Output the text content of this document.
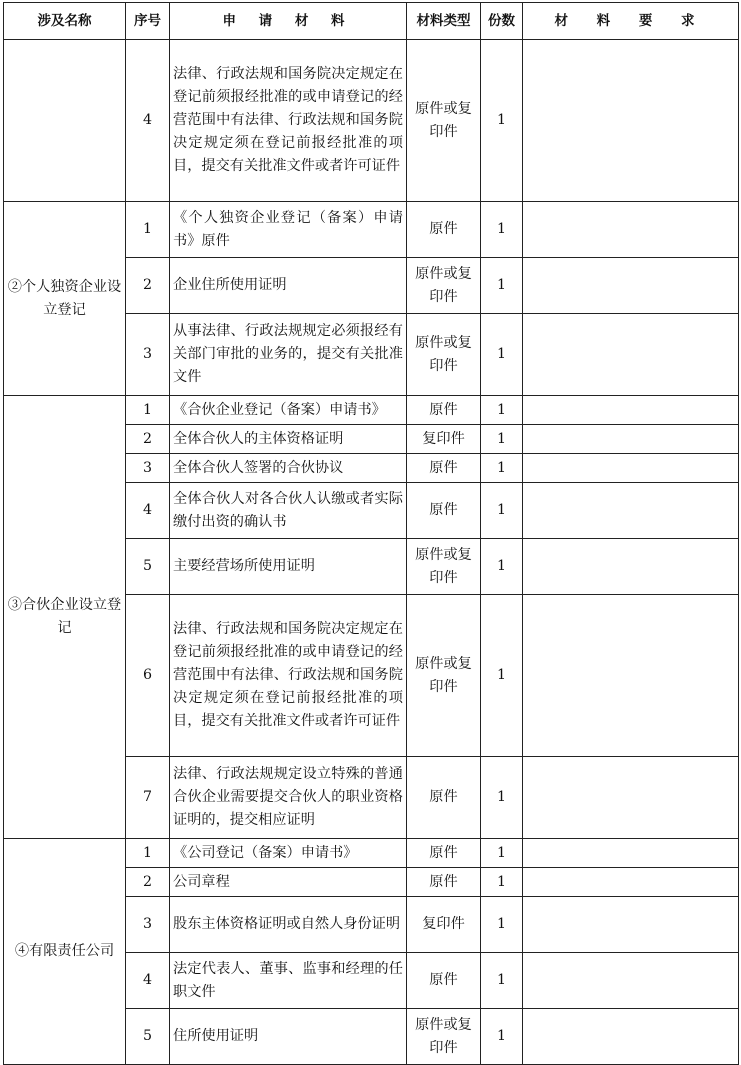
涉及名称	序号	申 请 材 料	材料类型	份数	材 料 要 求
	4	法律、行政法规和国务院决定规定在登记前须报经批准的或申请登记的经营范围中有法律、行政法规和国务院决定规定须在登记前报经批准的项目，提交有关批准文件或者许可证件	原件或复印件	1	
②个人独资企业设立登记	1	《个人独资企业登记（备案）申请书》原件	原件	1	
	2	企业住所使用证明	原件或复印件	1	
	3	从事法律、行政法规规定必须报经有关部门审批的业务的，提交有关批准文件	原件或复印件	1	
③合伙企业设立登记	1	《合伙企业登记（备案）申请书》	原件	1	
	2	全体合伙人的主体资格证明	复印件	1	
	3	全体合伙人签署的合伙协议	原件	1	
	4	全体合伙人对各合伙人认缴或者实际缴付出资的确认书	原件	1	
	5	主要经营场所使用证明	原件或复印件	1	
	6	法律、行政法规和国务院决定规定在登记前须报经批准的或申请登记的经营范围中有法律、行政法规和国务院决定规定须在登记前报经批准的项目，提交有关批准文件或者许可证件	原件或复印件	1	
	7	法律、行政法规规定设立特殊的普通合伙企业需要提交合伙人的职业资格证明的，提交相应证明	原件	1	
④有限责任公司	1	《公司登记（备案）申请书》	原件	1	
	2	公司章程	原件	1	
	3	股东主体资格证明或自然人身份证明	复印件	1	
	4	法定代表人、董事、监事和经理的任职文件	原件	1	
	5	住所使用证明	原件或复印件	1	
